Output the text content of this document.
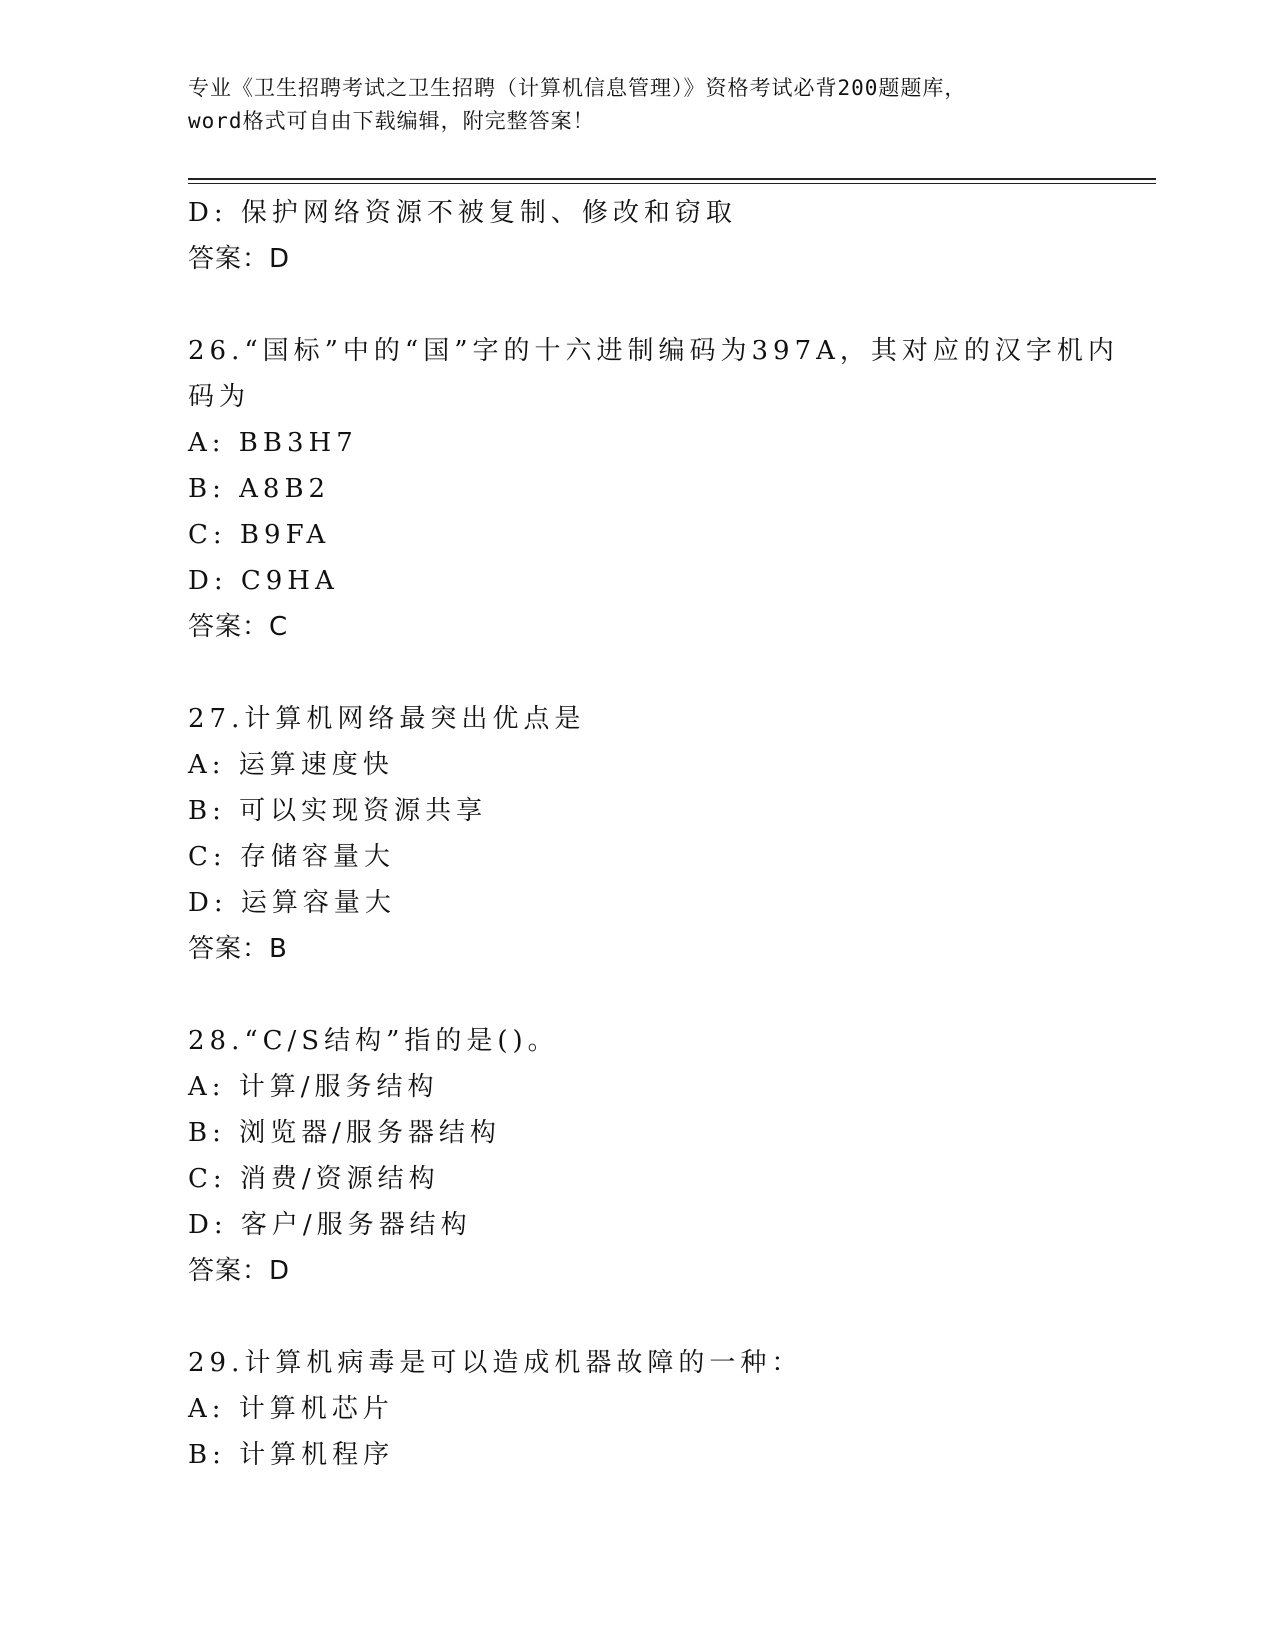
专业《卫生招聘考试之卫生招聘（计算机信息管理）》资格考试必背200题题库，
word格式可自由下载编辑，附完整答案！
D: 保护网络资源不被复制、修改和窃取
答案：D
26.“国标”中的“国”字的十六进制编码为397A，其对应的汉字机内
码为
A: BB3H7
B: A8B2
C: B9FA
D: C9HA
答案：C
27.计算机网络最突出优点是
A: 运算速度快
B: 可以实现资源共享
C: 存储容量大
D: 运算容量大
答案：B
28.“C/S结构”指的是()。
A: 计算/服务结构
B: 浏览器/服务器结构
C: 消费/资源结构
D: 客户/服务器结构
答案：D
29.计算机病毒是可以造成机器故障的一种：
A: 计算机芯片
B: 计算机程序
